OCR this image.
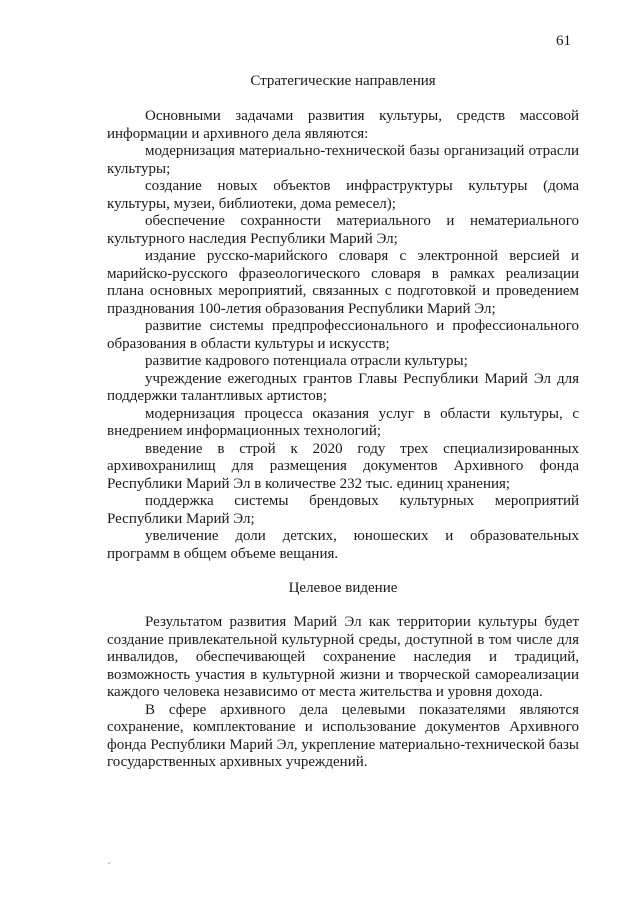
61
Стратегические направления

Основными задачами развития культуры, средств массовой информации и архивного дела являются:

модернизация материально-технической базы организаций отрасли культуры;

создание новых объектов инфраструктуры культуры (дома культуры, музеи, библиотеки, дома ремесел);

обеспечение сохранности материального и нематериального культурного наследия Республики Марий Эл;

издание русско-марийского словаря с электронной версией и марийско-русского фразеологического словаря в рамках реализации плана основных мероприятий, связанных с подготовкой и проведением празднования 100-летия образования Республики Марий Эл;

развитие системы предпрофессионального и профессионального образования в области культуры и искусств;

развитие кадрового потенциала отрасли культуры;

учреждение ежегодных грантов Главы Республики Марий Эл для поддержки талантливых артистов;

модернизация процесса оказания услуг в области культуры, с внедрением информационных технологий;

введение в строй к 2020 году трех специализированных архивохранилищ для размещения документов Архивного фонда Республики Марий Эл в количестве 232 тыс. единиц хранения;

поддержка системы брендовых культурных мероприятий Республики Марий Эл;

увеличение доли детских, юношеских и образовательных программ в общем объеме вещания.

Целевое видение

Результатом развития Марий Эл как территории культуры будет создание привлекательной культурной среды, доступной в том числе для инвалидов, обеспечивающей сохранение наследия и традиций, возможность участия в культурной жизни и творческой самореализации каждого человека независимо от места жительства и уровня дохода.

В сфере архивного дела целевыми показателями являются сохранение, комплектование и использование документов Архивного фонда Республики Марий Эл, укрепление материально-технической базы государственных архивных учреждений.
